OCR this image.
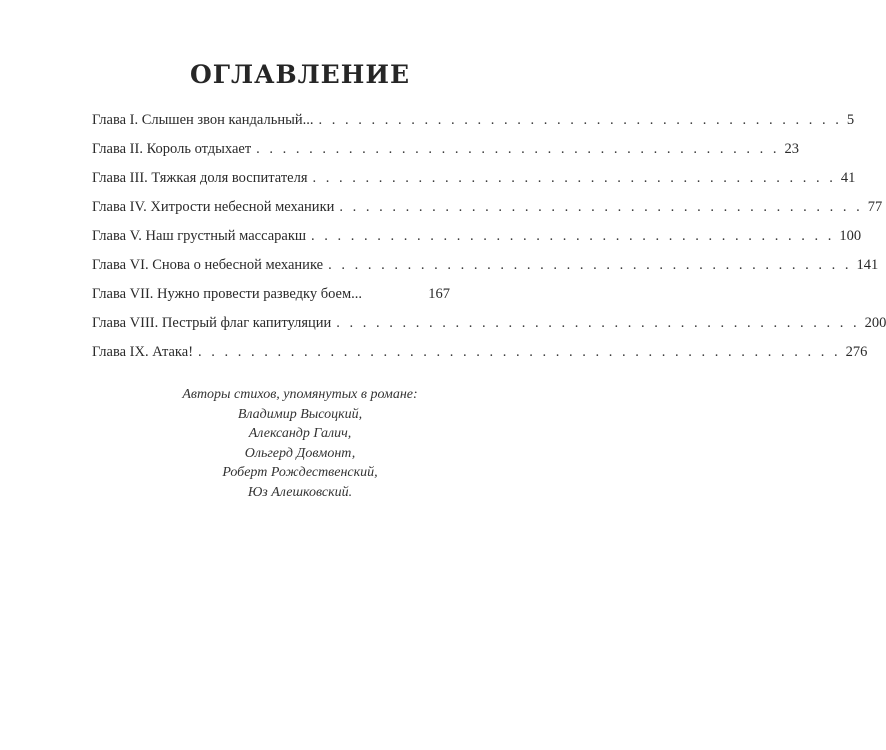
ОГЛАВЛЕНИЕ
Глава I. Слышен звон кандальный... . . . . . . . . . . . . . . . . . . . . . . . . . . . . . . . . . . . . . . . . 5
Глава II. Король отдыхает . . . . . . . . . . . . . . . . . . . . . . . . . . . . . . . . . . . . . . . . 23
Глава III. Тяжкая доля воспитателя . . . . . . . . . . . . . . . . . . . . . . . . . . . . . . . . . . . . . . . . 41
Глава IV. Хитрости небесной механики . . . . . . . . . . . . . . . . . . . . . . . . . . . . . . . . . . . . . . . . 77
Глава V. Наш грустный массаракш . . . . . . . . . . . . . . . . . . . . . . . . . . . . . . . . . . . . . . . . 100
Глава VI. Снова о небесной механике . . . . . . . . . . . . . . . . . . . . . . . . . . . . . . . . . . . . . . . . 141
Глава VII. Нужно провести разведку боем...	167
Глава VIII. Пестрый флаг капитуляции . . . . . . . . . . . . . . . . . . . . . . . . . . . . . . . . . . . . . . . . 200
Глава IX. Атака! . . . . . . . . . . . . . . . . . . . . . . . . . . . . . . . . . . . . . . . . . . . . . . . . . 276
Авторы стихов, упомянутых в романе:
Владимир Высоцкий,
Александр Галич,
Ольгерд Довмонт,
Роберт Рождественский,
Юз Алешковский.
